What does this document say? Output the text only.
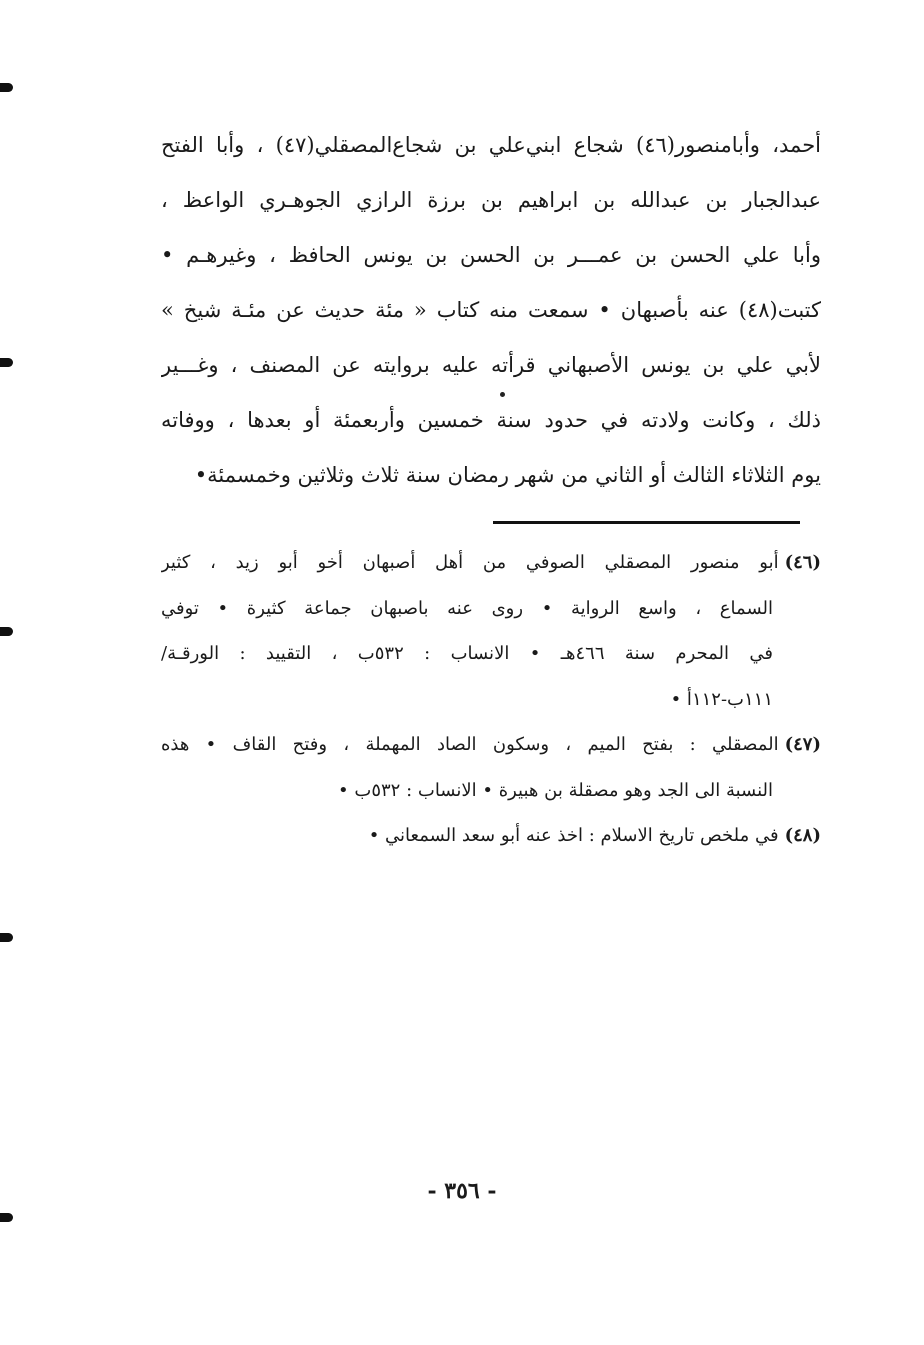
أحمد، وأبامنصور(٤٦) شجاع ابني‌علي بن شجاع‌المصقلي(٤٧) ، وأبا الفتح
عبدالجبار بن عبدالله بن ابراهيم بن برزة الرازي الجوهـري الواعظ ،
وأبا علي الحسن بن عمـــر بن الحسن بن يونس الحافظ ، وغيرهـم •
كتبت(٤٨) عنه بأصبهان • سمعت منه كتاب « مئة حديث عن مئـة شيخ »
لأبي علي بن يونس الأصبهاني قرأته عليه بروايته عن المصنف ، وغـــير
ذلك ، وكانت ولادته في حدود سنة خمسين وأربعمئة أو بعدها ، ووفاته
يوم الثلاثاء الثالث أو الثاني من شهر رمضان سنة ثلاث وثلاثين وخمسمئة•
(٤٦)أبو منصور المصقلي الصوفي من أهل أصبهان أخو أبو زيد ، كثير
السماع ، واسع الرواية • روى عنه باصبهان جماعة كثيرة • توفي
في المحرم سنة ٤٦٦هـ • الانساب : ٥٣٢ب ، التقييد : الورقـة/
١١١ب-١١٢أ •
(٤٧)المصقلي : بفتح الميم ، وسكون الصاد المهملة ، وفتح القاف • هذه
النسبة الى الجد وهو مصقلة بن هبيرة • الانساب : ٥٣٢ب •
(٤٨)في ملخص تاريخ الاسلام : اخذ عنه أبو سعد السمعاني •
- ٣٥٦ -
